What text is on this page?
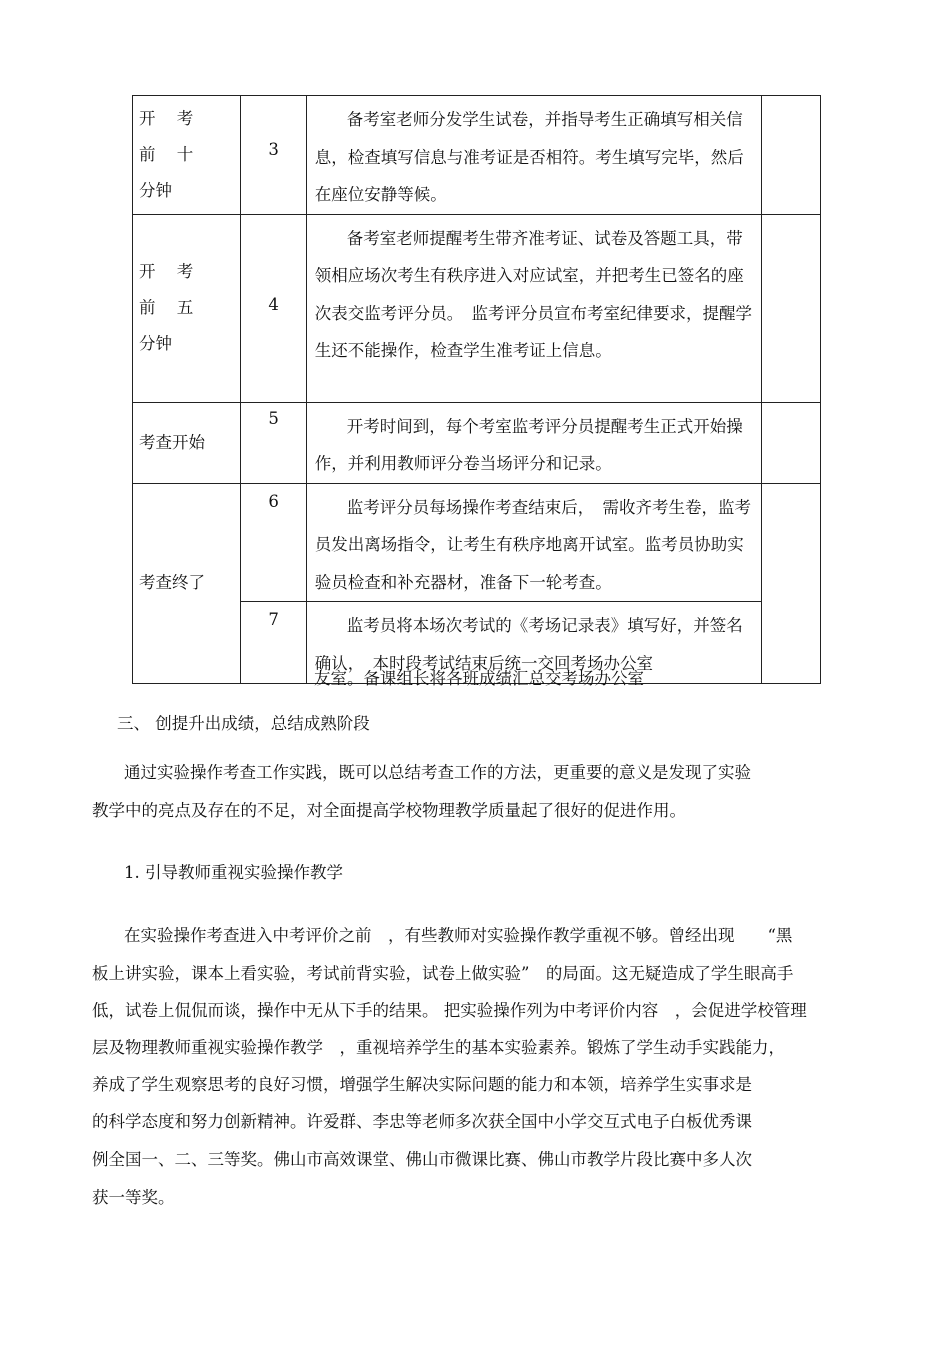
开 考 前 十
分钟	3	备考室老师分发学生试卷，并指导考生正确填写相关信息，检查填写信息与准考证是否相符。考生填写完毕，然后在座位安静等候。	

开 考 前 五
分钟	4	备考室老师提醒考生带齐准考证、试卷及答题工具，带领相应场次考生有秩序进入对应试室，并把考生已签名的座次表交监考评分员。　监考评分员宣布考室纪律要求，提醒学生还不能操作，检查学生准考证上信息。	
考查开始	5	开考时间到，每个考室监考评分员提醒考生正式开始操作，并利用教师评分卷当场评分和记录。	
考查终了	6	监考评分员每场操作考查结束后，　需收齐考生卷，监考员发出离场指令，让考生有秩序地离开试室。监考员协助实验员检查和补充器材，准备下一轮考查。	
	7	监考员将本场次考试的《考场记录表》填写好，并签名确认，　本时段考试结束后统一交回考场办公室	
友室。备课组长将各班成绩汇总交考场办公室
三、 创提升出成绩，总结成熟阶段
通过实验操作考查工作实践，既可以总结考查工作的方法，更重要的意义是发现了实验
教学中的亮点及存在的不足，对全面提高学校物理教学质量起了很好的促进作用。
1. 引导教师重视实验操作教学
在实验操作考查进入中考评价之前　，有些教师对实验操作教学重视不够。曾经出现　　“黑
板上讲实验，课本上看实验，考试前背实验，试卷上做实验”　的局面。这无疑造成了学生眼高手
低，试卷上侃侃而谈，操作中无从下手的结果。 把实验操作列为中考评价内容　，会促进学校管理
层及物理教师重视实验操作教学　，重视培养学生的基本实验素养。锻炼了学生动手实践能力，
养成了学生观察思考的良好习惯，增强学生解决实际问题的能力和本领，培养学生实事求是
的科学态度和努力创新精神。许爱群、李忠等老师多次获全国中小学交互式电子白板优秀课
例全国一、二、三等奖。佛山市高效课堂、佛山市微课比赛、佛山市教学片段比赛中多人次
获一等奖。
